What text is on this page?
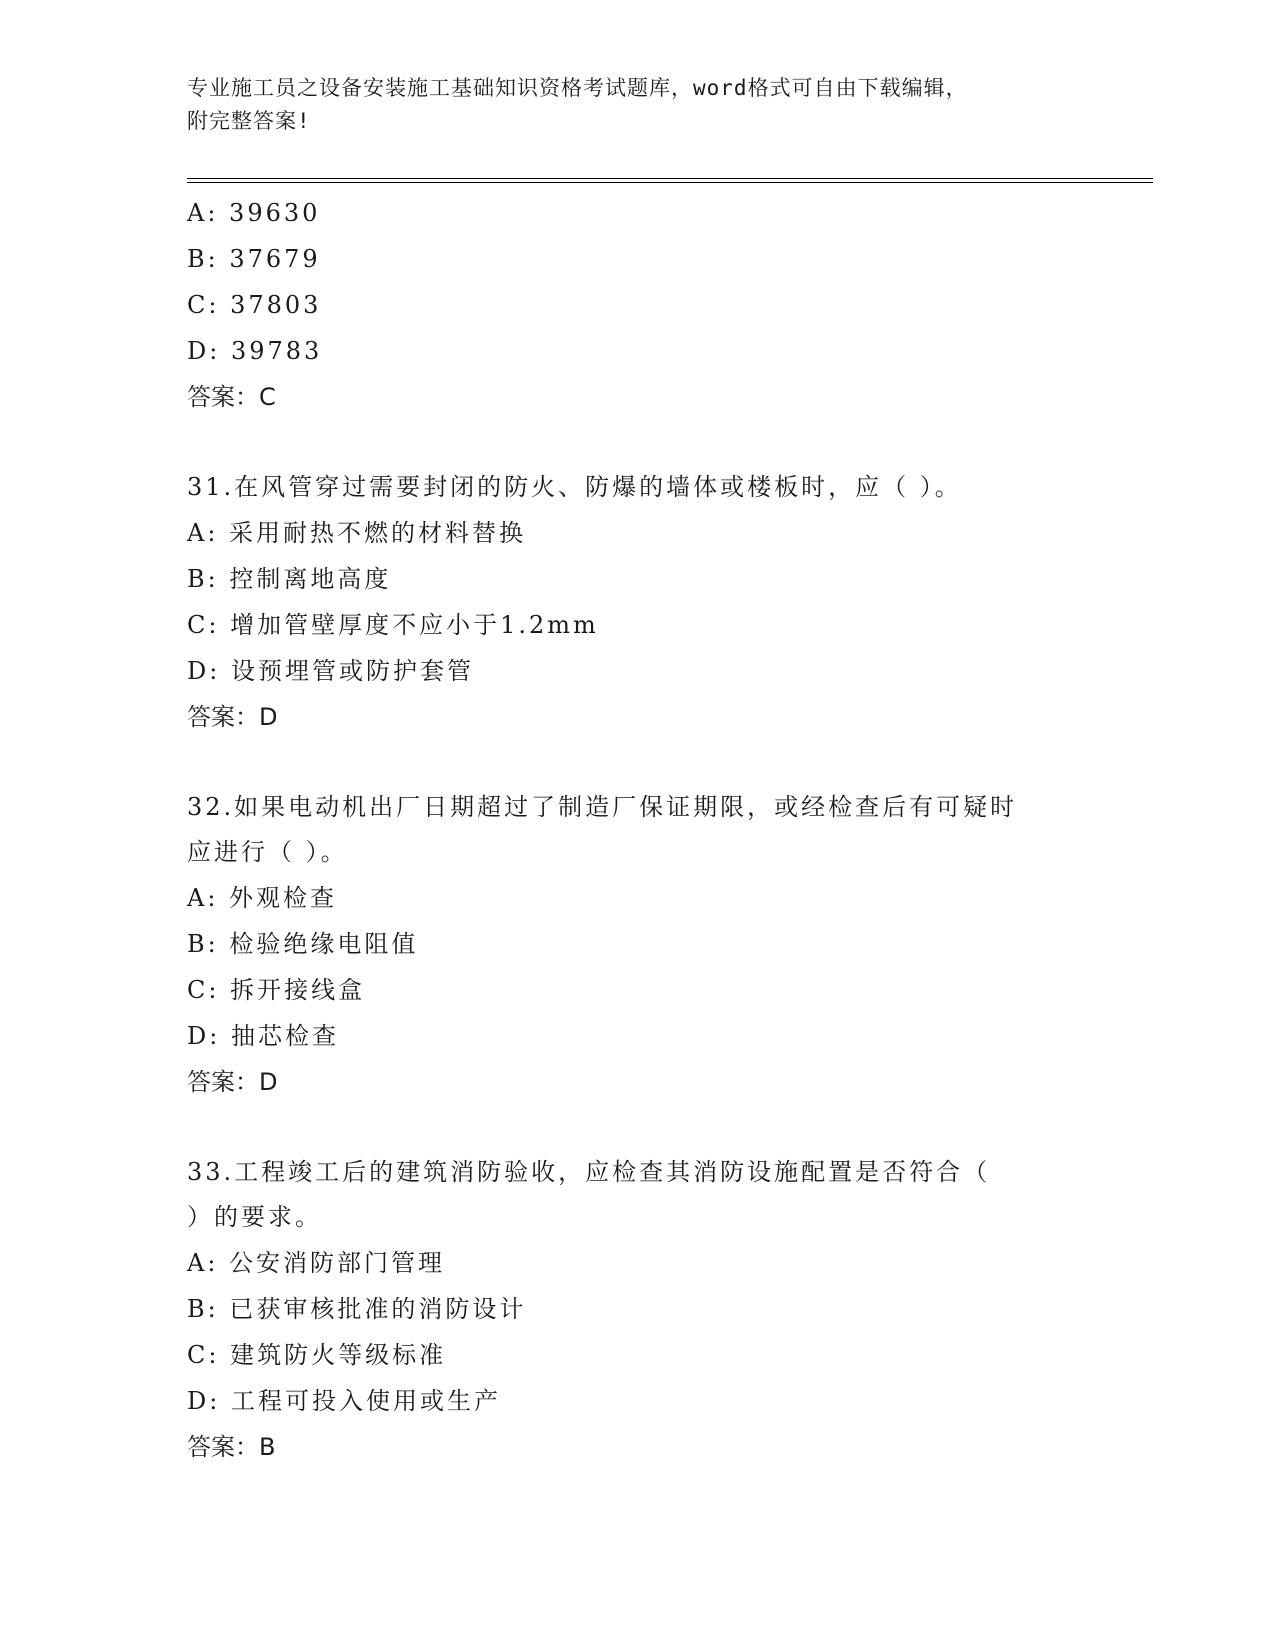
专业施工员之设备安装施工基础知识资格考试题库，word格式可自由下载编辑，
附完整答案!
A: 39630
B: 37679
C: 37803
D: 39783
答案：C
31.在风管穿过需要封闭的防火、防爆的墙体或楼板时，应（ ）。
A: 采用耐热不燃的材料替换
B: 控制离地高度
C: 增加管壁厚度不应小于1.2mm
D: 设预埋管或防护套管
答案：D
32.如果电动机出厂日期超过了制造厂保证期限，或经检查后有可疑时
应进行（ ）。
A: 外观检查
B: 检验绝缘电阻值
C: 拆开接线盒
D: 抽芯检查
答案：D
33.工程竣工后的建筑消防验收，应检查其消防设施配置是否符合（
）的要求。
A: 公安消防部门管理
B: 已获审核批准的消防设计
C: 建筑防火等级标准
D: 工程可投入使用或生产
答案：B
